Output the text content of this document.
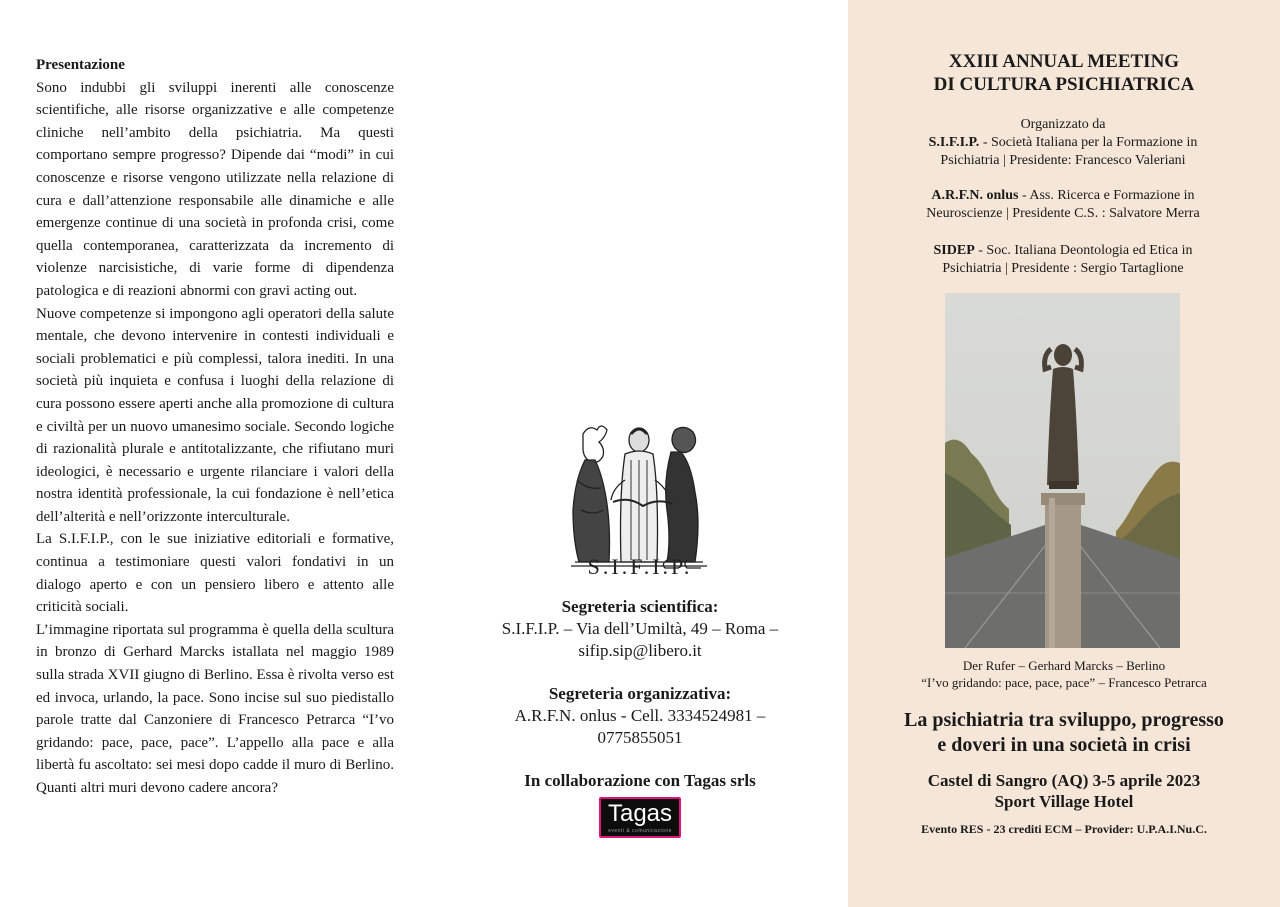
Presentazione

Sono indubbi gli sviluppi inerenti alle conoscenze scientifiche, alle risorse organizzative e alle competenze cliniche nell’ambito della psichiatria. Ma questi comportano sempre progresso? Dipende dai “modi” in cui conoscenze e risorse vengono utilizzate nella relazione di cura e dall’attenzione responsabile alle dinamiche e alle emergenze continue di una società in profonda crisi, come quella contemporanea, caratterizzata da incremento di violenze narcisistiche, di varie forme di dipendenza patologica e di reazioni abnormi con gravi acting out.

Nuove competenze si impongono agli operatori della salute mentale, che devono intervenire in contesti individuali e sociali problematici e più complessi, talora inediti. In una società più inquieta e confusa i luoghi della relazione di cura possono essere aperti anche alla promozione di cultura e civiltà per un nuovo umanesimo sociale. Secondo logiche di razionalità plurale e antitotalizzante, che rifiutano muri ideologici, è necessario e urgente rilanciare i valori della nostra identità professionale, la cui fondazione è nell’etica dell’alterità e nell’orizzonte interculturale.

La S.I.F.I.P., con le sue iniziative editoriali e formative, continua a testimoniare questi valori fondativi in un dialogo aperto e con un pensiero libero e attento alle criticità sociali.

L’immagine riportata sul programma è quella della scultura in bronzo di Gerhard Marcks istallata nel maggio 1989 sulla strada XVII giugno di Berlino. Essa è rivolta verso est ed invoca, urlando, la pace. Sono incise sul suo piedistallo parole tratte dal Canzoniere di Francesco Petrarca “I’vo gridando: pace, pace, pace”. L’appello alla pace e alla libertà fu ascoltato: sei mesi dopo cadde il muro di Berlino. Quanti altri muri devono cadere ancora?

S.I.F.I.P.
Segreteria scientifica:
S.I.F.I.P. – Via dell’Umiltà, 49 – Roma –
sifip.sip@libero.it
Segreteria organizzativa:
A.R.F.N. onlus - Cell. 3334524981 –
0775855051
In collaborazione con Tagas srls
Tagas
eventi & comunicazione
XXIII ANNUAL MEETING
DI CULTURA PSICHIATRICA
Organizzato da
S.I.F.I.P. - Società Italiana per la Formazione in
Psichiatria | Presidente: Francesco Valeriani
A.R.F.N. onlus - Ass. Ricerca e Formazione in
Neuroscienze | Presidente C.S. : Salvatore Merra
SIDEP - Soc. Italiana Deontologia ed Etica in
Psichiatria | Presidente : Sergio Tartaglione
Der Rufer – Gerhard Marcks – Berlino
“I’vo gridando: pace, pace, pace” – Francesco Petrarca
La psichiatria tra sviluppo, progresso
e doveri in una società in crisi
Castel di Sangro (AQ) 3-5 aprile 2023
Sport Village Hotel
Evento RES - 23 crediti ECM – Provider: U.P.A.I.Nu.C.
